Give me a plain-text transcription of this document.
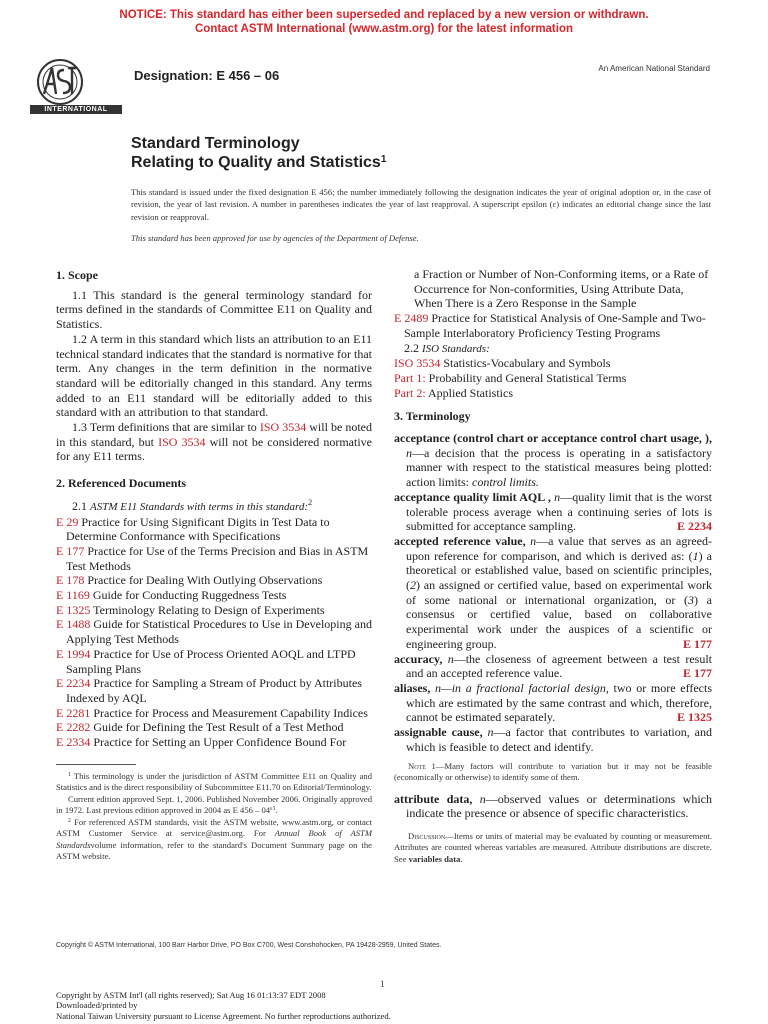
NOTICE: This standard has either been superseded and replaced by a new version or withdrawn.
Contact ASTM International (www.astm.org) for the latest information
INTERNATIONAL
Designation: E 456 – 06	An American National Standard
Standard Terminology
Relating to Quality and Statistics$^1$
This standard is issued under the fixed designation E 456; the number immediately following the designation indicates the year of original adoption or, in the case of revision, the year of last revision. A number in parentheses indicates the year of last reapproval. A superscript epsilon (ε) indicates an editorial change since the last revision or reapproval.
This standard has been approved for use by agencies of the Department of Defense.
1. Scope
1.1 This standard is the general terminology standard for terms defined in the standards of Committee E11 on Quality and Statistics.
1.2 A term in this standard which lists an attribution to an E11 technical standard indicates that the standard is normative for that term. Any changes in the term definition in the normative standard will be editorially changed in this standard. Any terms added to an E11 standard will be editorially added to this standard with an attribution to that standard.
1.3 Term definitions that are similar to ISO 3534 will be noted in this standard, but ISO 3534 will not be considered normative for any E11 terms.
2. Referenced Documents
2.1 ASTM E11 Standards with terms in this standard:$^2$
E 29 Practice for Using Significant Digits in Test Data to Determine Conformance with Specifications
E 177 Practice for Use of the Terms Precision and Bias in ASTM Test Methods
E 178 Practice for Dealing With Outlying Observations
E 1169 Guide for Conducting Ruggedness Tests
E 1325 Terminology Relating to Design of Experiments
E 1488 Guide for Statistical Procedures to Use in Developing and Applying Test Methods
E 1994 Practice for Use of Process Oriented AOQL and LTPD Sampling Plans
E 2234 Practice for Sampling a Stream of Product by Attributes Indexed by AQL
E 2281 Practice for Process and Measurement Capability Indices
E 2282 Guide for Defining the Test Result of a Test Method
E 2334 Practice for Setting an Upper Confidence Bound For
$^1$ This terminology is under the jurisdiction of ASTM Committee E11 on Quality and Statistics and is the direct responsibility of Subcommittee E11.70 on Editorial/Terminology.
Current edition approved Sept. 1, 2006. Published November 2006. Originally approved in 1972. Last previous edition approved in 2004 as E $456 - 04^{\varepsilon 1}$.
$^2$ For referenced ASTM standards, visit the ASTM website, www.astm.org, or contact ASTM Customer Service at service@astm.org. For Annual Book of ASTM Standardsvolume information, refer to the standard's Document Summary page on the ASTM website.
a Fraction or Number of Non-Conforming items, or a Rate of Occurrence for Non-conformities, Using Attribute Data, When There is a Zero Response in the Sample
E 2489 Practice for Statistical Analysis of One-Sample and Two-Sample Interlaboratory Proficiency Testing Programs
2.2 ISO Standards:
ISO 3534 Statistics-Vocabulary and Symbols
Part 1: Probability and General Statistical Terms
Part 2: Applied Statistics
3. Terminology
acceptance (control chart or acceptance control chart usage, ), n—a decision that the process is operating in a satisfactory manner with respect to the statistical measures being plotted: action limits: control limits.
acceptance quality limit AQL , n—quality limit that is the worst tolerable process average when a continuing series of lots is submitted for acceptance sampling.	E 2234
accepted reference value, n—a value that serves as an agreed-upon reference for comparison, and which is derived as: (1) a theoretical or established value, based on scientific principles, (2) an assigned or certified value, based on experimental work of some national or international organization, or (3) a consensus or certified value, based on collaborative experimental work under the auspices of a scientific or engineering group.	E 177
accuracy, n—the closeness of agreement between a test result and an accepted reference value.	E 177
aliases, n—in a fractional factorial design, two or more effects which are estimated by the same contrast and which, therefore, cannot be estimated separately.	E 1325
assignable cause, n—a factor that contributes to variation, and which is feasible to detect and identify.
Note 1—Many factors will contribute to variation but it may not be feasible (economically or otherwise) to identify some of them.
attribute data, n—observed values or determinations which indicate the presence or absence of specific characteristics.
Discussion—Items or units of material may be evaluated by counting or measurement. Attributes are counted whereas variables are measured. Attribute distributions are discrete. See variables data.
Copyright © ASTM International, 100 Barr Harbor Drive, PO Box C700, West Conshohocken, PA 19428-2959, United States.
1
Copyright by ASTM Int'l (all rights reserved); Sat Aug 16 01:13:37 EDT 2008
Downloaded/printed by
National Taiwan University pursuant to License Agreement. No further reproductions authorized.
